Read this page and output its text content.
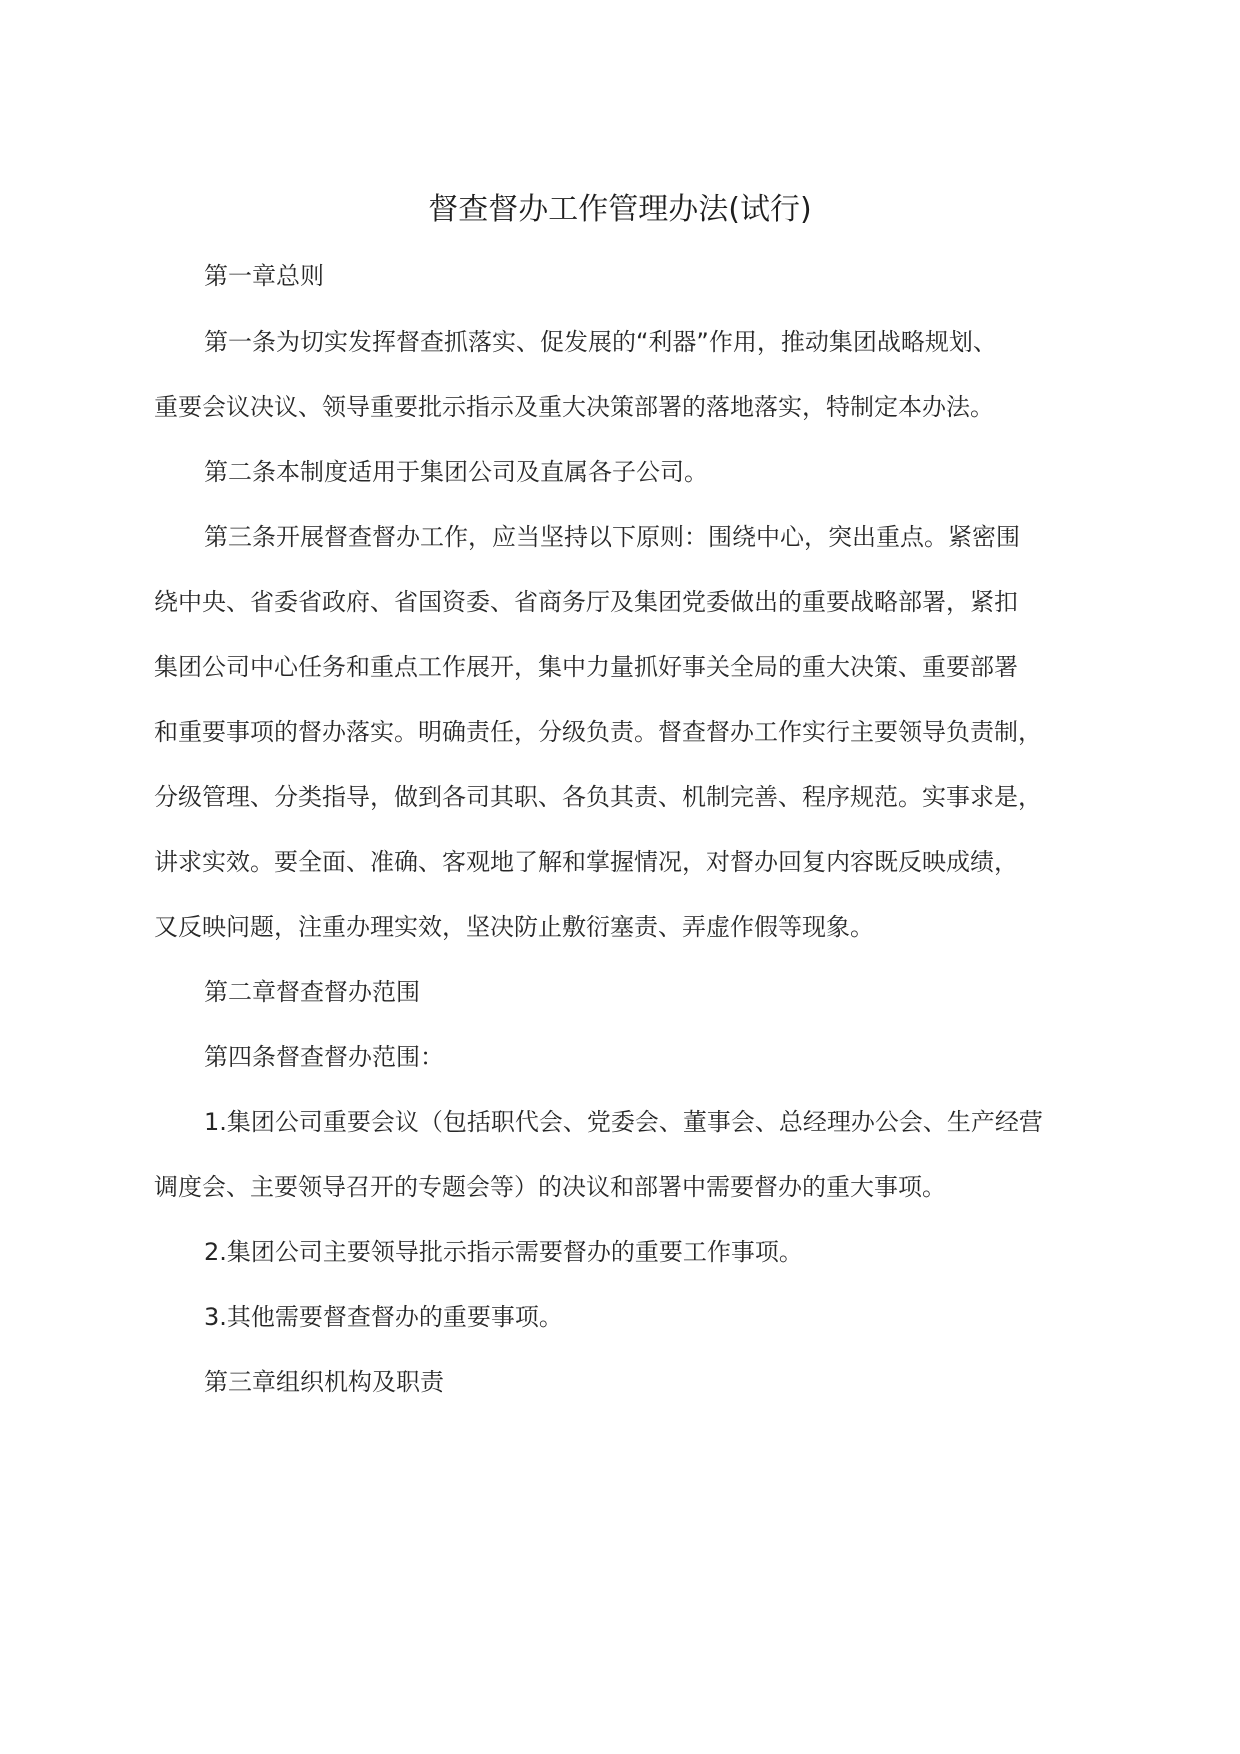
督查督办工作管理办法(试行)

第一章总则

第一条为切实发挥督查抓落实、促发展的“利器”作用，推动集团战略规划、

重要会议决议、领导重要批示指示及重大决策部署的落地落实，特制定本办法。

第二条本制度适用于集团公司及直属各子公司。

第三条开展督查督办工作，应当坚持以下原则：围绕中心，突出重点。紧密围

绕中央、省委省政府、省国资委、省商务厅及集团党委做出的重要战略部署，紧扣

集团公司中心任务和重点工作展开，集中力量抓好事关全局的重大决策、重要部署

和重要事项的督办落实。明确责任，分级负责。督查督办工作实行主要领导负责制，

分级管理、分类指导，做到各司其职、各负其责、机制完善、程序规范。实事求是，

讲求实效。要全面、准确、客观地了解和掌握情况，对督办回复内容既反映成绩，

又反映问题，注重办理实效，坚决防止敷衍塞责、弄虚作假等现象。

第二章督查督办范围

第四条督查督办范围：

1.集团公司重要会议（包括职代会、党委会、董事会、总经理办公会、生产经营

调度会、主要领导召开的专题会等）的决议和部署中需要督办的重大事项。

2.集团公司主要领导批示指示需要督办的重要工作事项。

3.其他需要督查督办的重要事项。

第三章组织机构及职责
